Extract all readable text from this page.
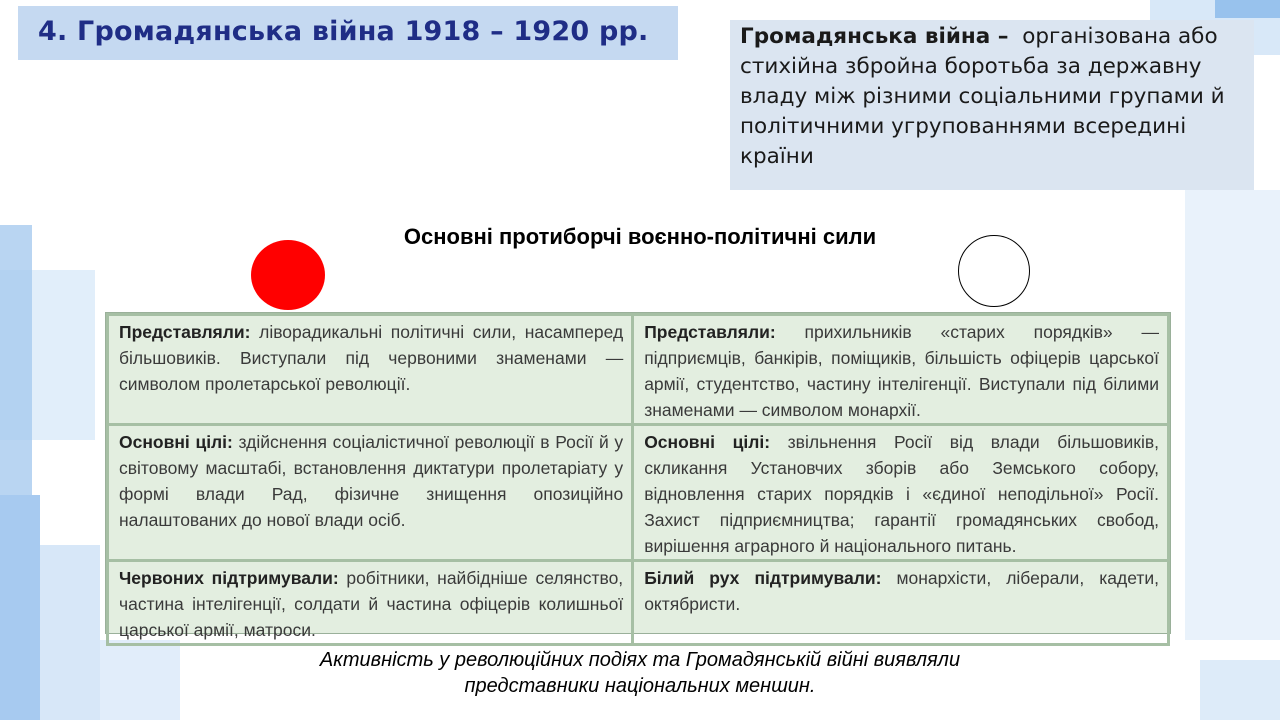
4. Громадянська війна 1918 – 1920 рр.	Громадянська війна – організована або стихійна збройна боротьба за державну владу між різними соціальними групами й політичними угрупованнями всередині країни
Основні протиборчі воєнно-політичні сили
Представляли: ліворадикальні політичні сили, насамперед більшовиків. Виступали під червоними знаменами — символом пролетарської революції.	Представляли: прихильників «старих порядків» — підприємців, банкірів, поміщиків, більшість офіцерів царської армії, студентство, частину інтелігенції. Виступали під білими знаменами — символом монархії.
Основні цілі: здійснення соціалістичної революції в Росії й у світовому масштабі, встановлення диктатури пролетаріату у формі влади Рад, фізичне знищення опозиційно налаштованих до нової влади осіб.	Основні цілі: звільнення Росії від влади більшовиків, скликання Установчих зборів або Земського собору, відновлення старих порядків і «єдиної неподільної» Росії. Захист підприємництва; гарантії громадянських свобод, вирішення аграрного й національного питань.
Червоних підтримували: робітники, найбідніше селянство, частина інтелігенції, солдати й частина офіцерів колишньої царської армії, матроси.	Білий рух підтримували: монархісти, ліберали, кадети, октябристи.
Активність у революційних подіях та Громадянській війні виявляли
представники національних меншин.
